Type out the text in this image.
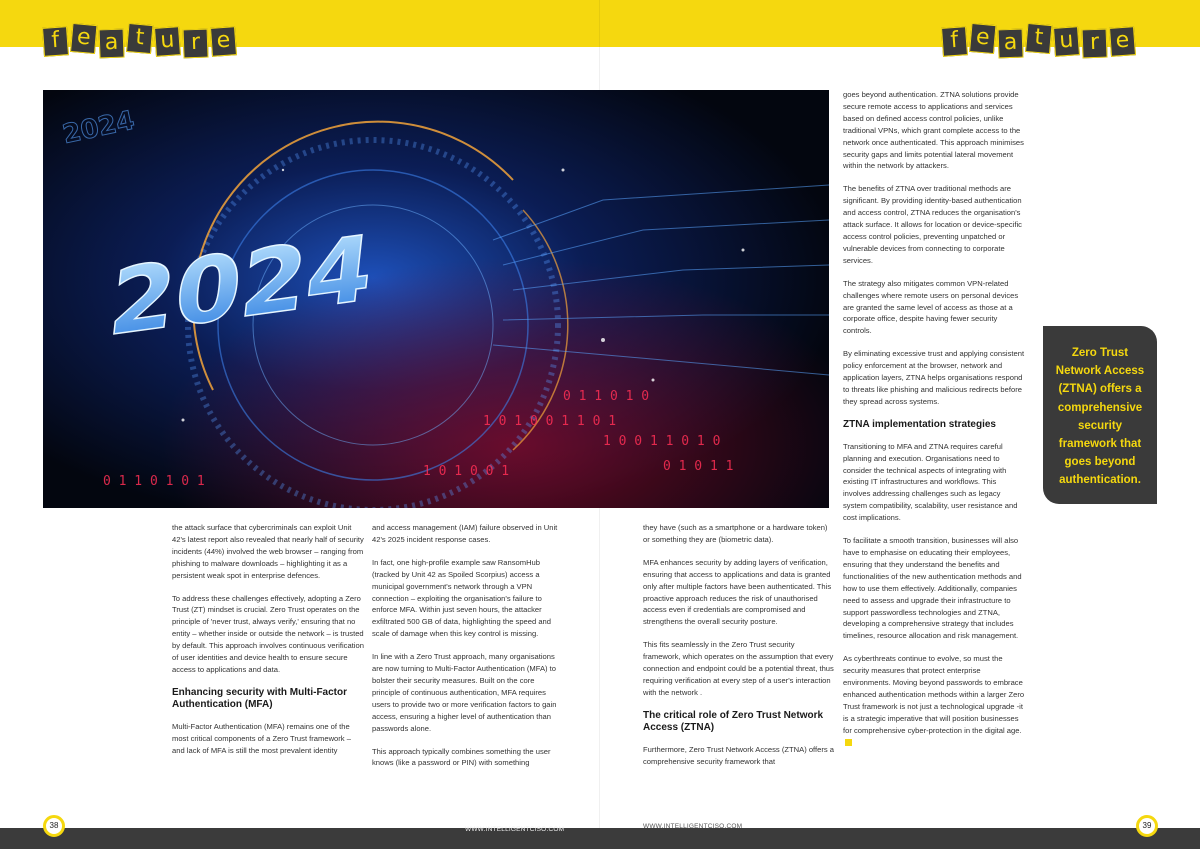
f e a t u r e	f e a t u r e
2024
2024
1 0 1 0 0 1 1 0 1
0 1 1 0 1 0
1 0 0 1 1 0 1 0
0 1 0 1 1
1 0 1 0 0 1
0 1 1 0 1 0 1

the attack surface that cybercriminals can exploit Unit 42's latest report also revealed that nearly half of security incidents (44%) involved the web browser – ranging from phishing to malware downloads – highlighting it as a persistent weak spot in enterprise defences.

To address these challenges effectively, adopting a Zero Trust (ZT) mindset is crucial. Zero Trust operates on the principle of 'never trust, always verify,' ensuring that no entity – whether inside or outside the network – is trusted by default. This approach involves continuous verification of user identities and device health to ensure secure access to applications and data.

Enhancing security with Multi-Factor Authentication (MFA)

Multi-Factor Authentication (MFA) remains one of the most critical components of a Zero Trust framework – and lack of MFA is still the most prevalent identity

and access management (IAM) failure observed in Unit 42's 2025 incident response cases.

In fact, one high-profile example saw RansomHub (tracked by Unit 42 as Spoiled Scorpius) access a municipal government's network through a VPN connection – exploiting the organisation's failure to enforce MFA. Within just seven hours, the attacker exfiltrated 500 GB of data, highlighting the speed and scale of damage when this key control is missing.

In line with a Zero Trust approach, many organisations are now turning to Multi-Factor Authentication (MFA) to bolster their security measures. Built on the core principle of continuous authentication, MFA requires users to provide two or more verification factors to gain access, ensuring a higher level of authentication than passwords alone.

This approach typically combines something the user knows (like a password or PIN) with something

they have (such as a smartphone or a hardware token) or something they are (biometric data).

MFA enhances security by adding layers of verification, ensuring that access to applications and data is granted only after multiple factors have been authenticated. This proactive approach reduces the risk of unauthorised access even if credentials are compromised and strengthens the overall security posture.

This fits seamlessly in the Zero Trust security framework, which operates on the assumption that every connection and endpoint could be a potential threat, thus requiring verification at every step of a user's interaction with the network .

The critical role of Zero Trust Network Access (ZTNA)

Furthermore, Zero Trust Network Access (ZTNA) offers a comprehensive security framework that

goes beyond authentication. ZTNA solutions provide secure remote access to applications and services based on defined access control policies, unlike traditional VPNs, which grant complete access to the network once authenticated. This approach minimises security gaps and limits potential lateral movement within the network by attackers.

The benefits of ZTNA over traditional methods are significant. By providing identity-based authentication and access control, ZTNA reduces the organisation's attack surface. It allows for location or device-specific access control policies, preventing unpatched or vulnerable devices from connecting to corporate services.

The strategy also mitigates common VPN-related challenges where remote users on personal devices are granted the same level of access as those at a corporate office, despite having fewer security controls.

By eliminating excessive trust and applying consistent policy enforcement at the browser, network and application layers, ZTNA helps organisations respond to threats like phishing and malicious redirects before they spread across systems.

ZTNA implementation strategies

Transitioning to MFA and ZTNA requires careful planning and execution. Organisations need to consider the technical aspects of integrating with existing IT infrastructures and workflows. This involves addressing challenges such as legacy system compatibility, scalability, user resistance and cost implications.

To facilitate a smooth transition, businesses will also have to emphasise on educating their employees, ensuring that they understand the benefits and functionalities of the new authentication methods and how to use them effectively. Additionally, companies need to assess and upgrade their infrastructure to support passwordless technologies and ZTNA, developing a comprehensive strategy that includes timelines, resource allocation and risk management.

As cyberthreats continue to evolve, so must the security measures that protect enterprise environments. Moving beyond passwords to embrace enhanced authentication methods within a larger Zero Trust framework is not just a technological upgrade -it is a strategic imperative that will position businesses for comprehensive cyber-protection in the digital age.

Zero Trust Network Access (ZTNA) offers a comprehensive security framework that goes beyond authentication.
38	39
WWW.INTELLIGENTCISO.COM	WWW.INTELLIGENTCISO.COM
